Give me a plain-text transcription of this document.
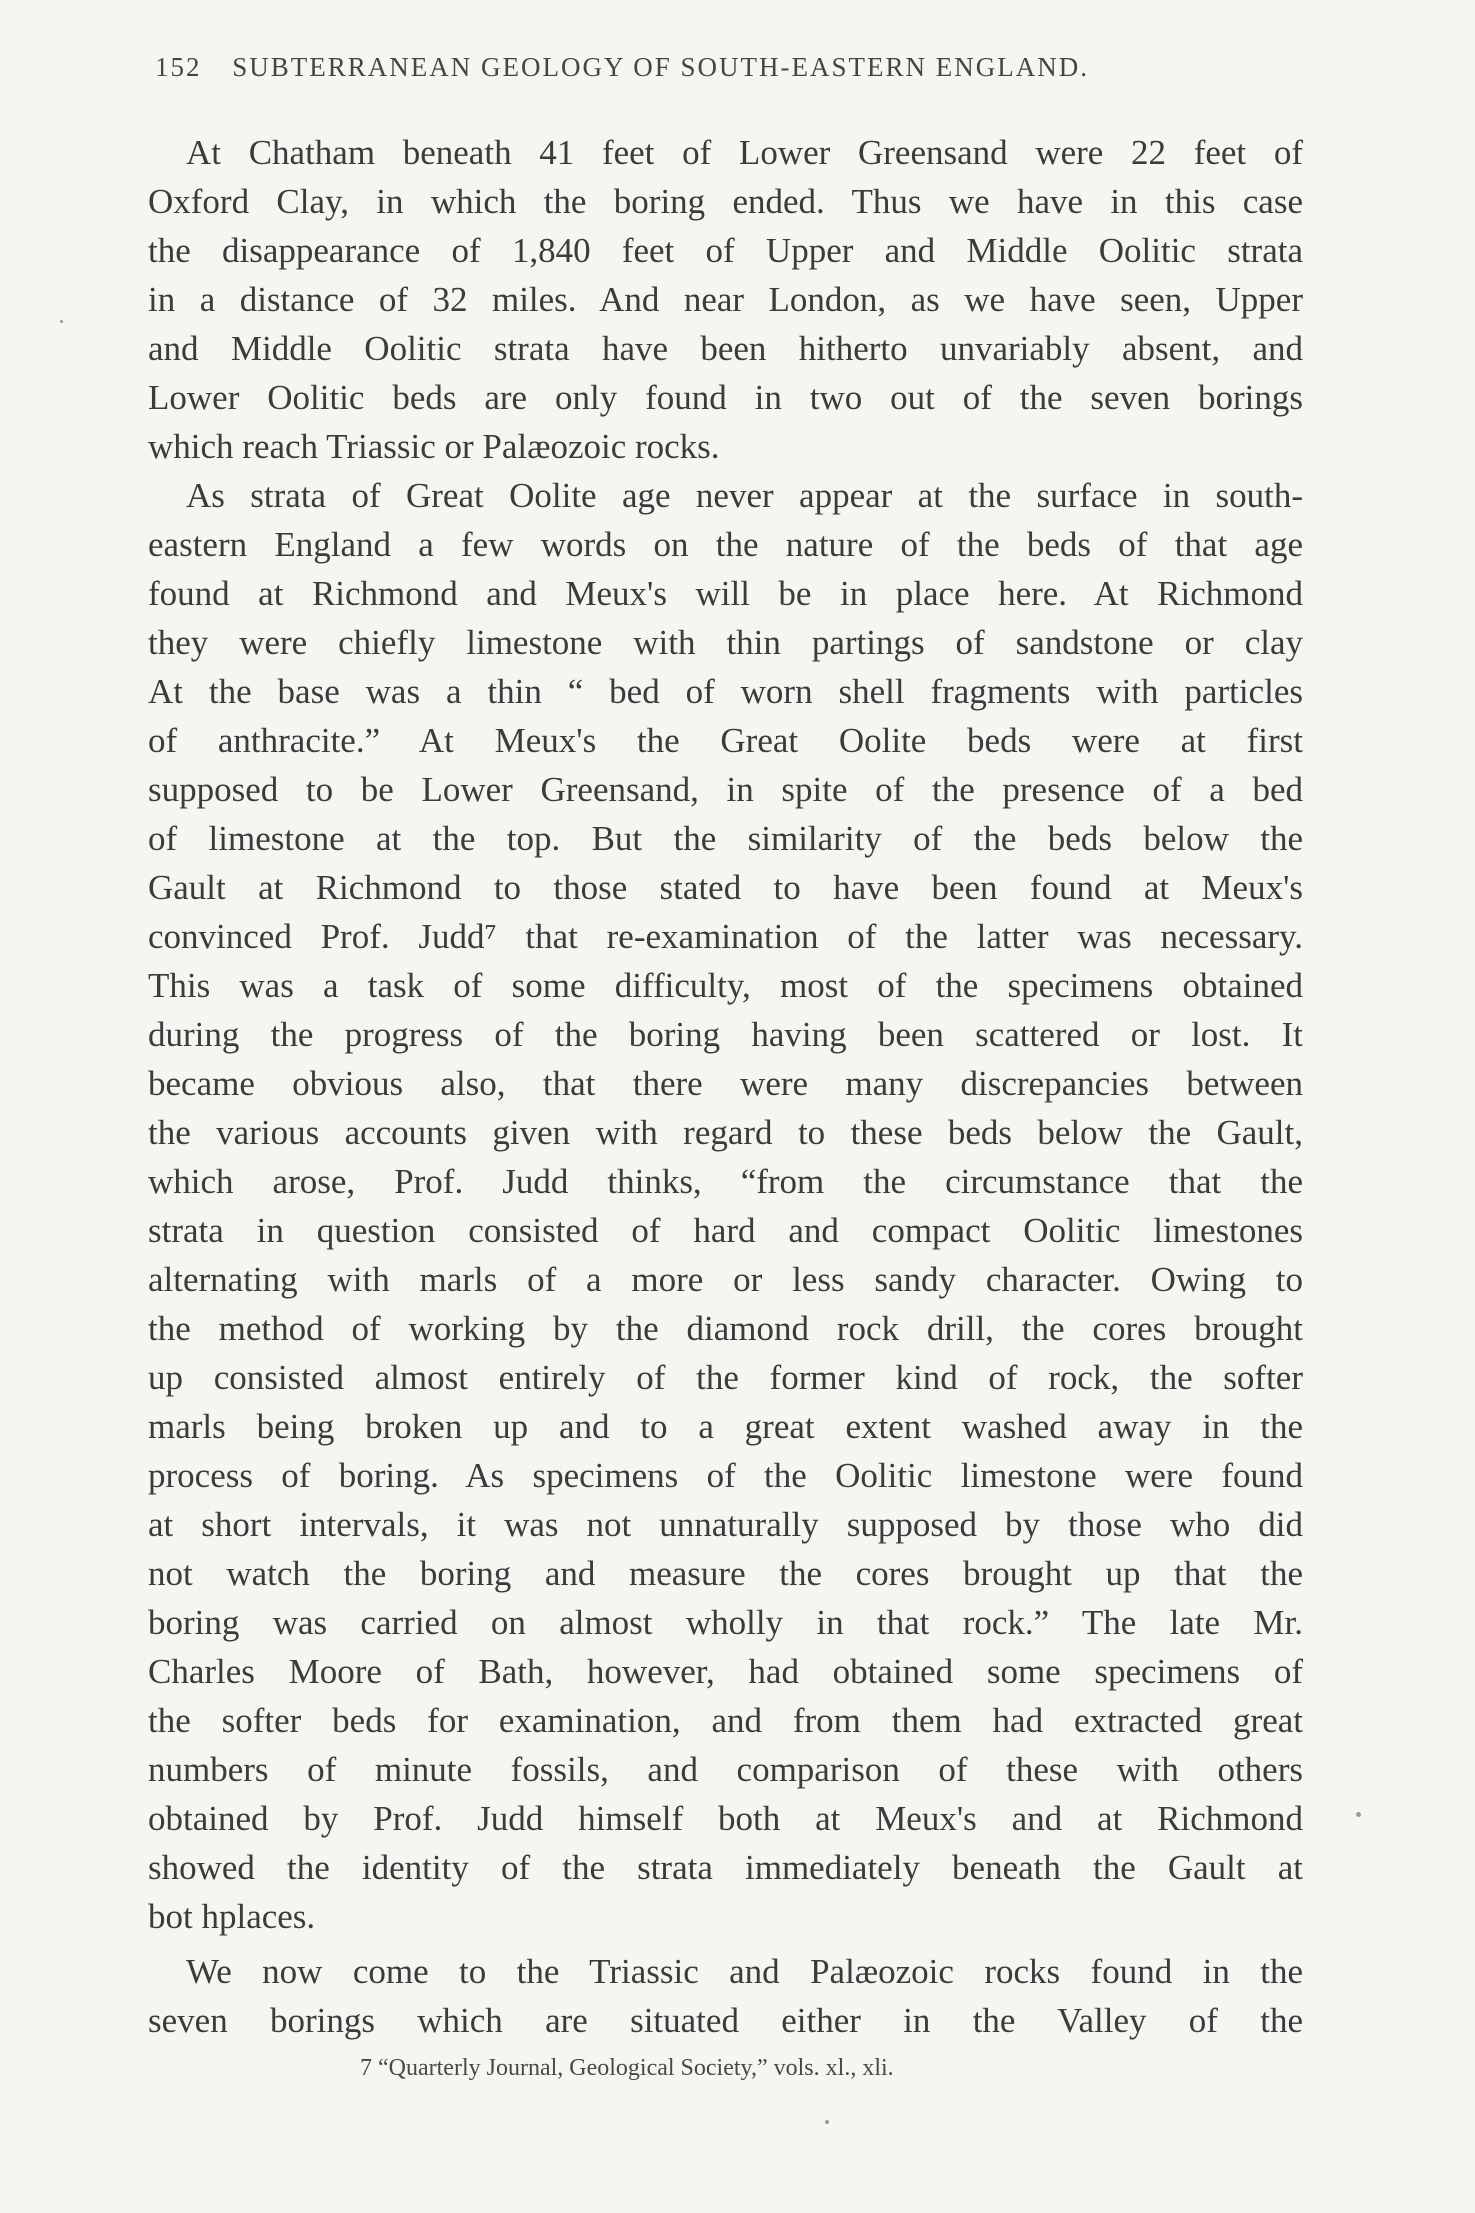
152 SUBTERRANEAN GEOLOGY OF SOUTH-EASTERN ENGLAND.
At Chatham beneath 41 feet of Lower Greensand were 22 feet of
Oxford Clay, in which the boring ended. Thus we have in this case
the disappearance of 1,840 feet of Upper and Middle Oolitic strata
in a distance of 32 miles. And near London, as we have seen, Upper
and Middle Oolitic strata have been hitherto unvariably absent, and
Lower Oolitic beds are only found in two out of the seven borings
which reach Triassic or Palæozoic rocks.
As strata of Great Oolite age never appear at the surface in south-
eastern England a few words on the nature of the beds of that age
found at Richmond and Meux's will be in place here. At Richmond
they were chiefly limestone with thin partings of sandstone or clay
At the base was a thin “ bed of worn shell fragments with particles
of anthracite.” At Meux's the Great Oolite beds were at first
supposed to be Lower Greensand, in spite of the presence of a bed
of limestone at the top. But the similarity of the beds below the
Gault at Richmond to those stated to have been found at Meux's
convinced Prof. Judd⁷ that re-examination of the latter was necessary.
This was a task of some difficulty, most of the specimens obtained
during the progress of the boring having been scattered or lost. It
became obvious also, that there were many discrepancies between
the various accounts given with regard to these beds below the Gault,
which arose, Prof. Judd thinks, “from the circumstance that the
strata in question consisted of hard and compact Oolitic limestones
alternating with marls of a more or less sandy character. Owing to
the method of working by the diamond rock drill, the cores brought
up consisted almost entirely of the former kind of rock, the softer
marls being broken up and to a great extent washed away in the
process of boring. As specimens of the Oolitic limestone were found
at short intervals, it was not unnaturally supposed by those who did
not watch the boring and measure the cores brought up that the
boring was carried on almost wholly in that rock.” The late Mr.
Charles Moore of Bath, however, had obtained some specimens of
the softer beds for examination, and from them had extracted great
numbers of minute fossils, and comparison of these with others
obtained by Prof. Judd himself both at Meux's and at Richmond
showed the identity of the strata immediately beneath the Gault at
bot hplaces.
We now come to the Triassic and Palæozoic rocks found in the
seven borings which are situated either in the Valley of the
7 “Quarterly Journal, Geological Society,” vols. xl., xli.
